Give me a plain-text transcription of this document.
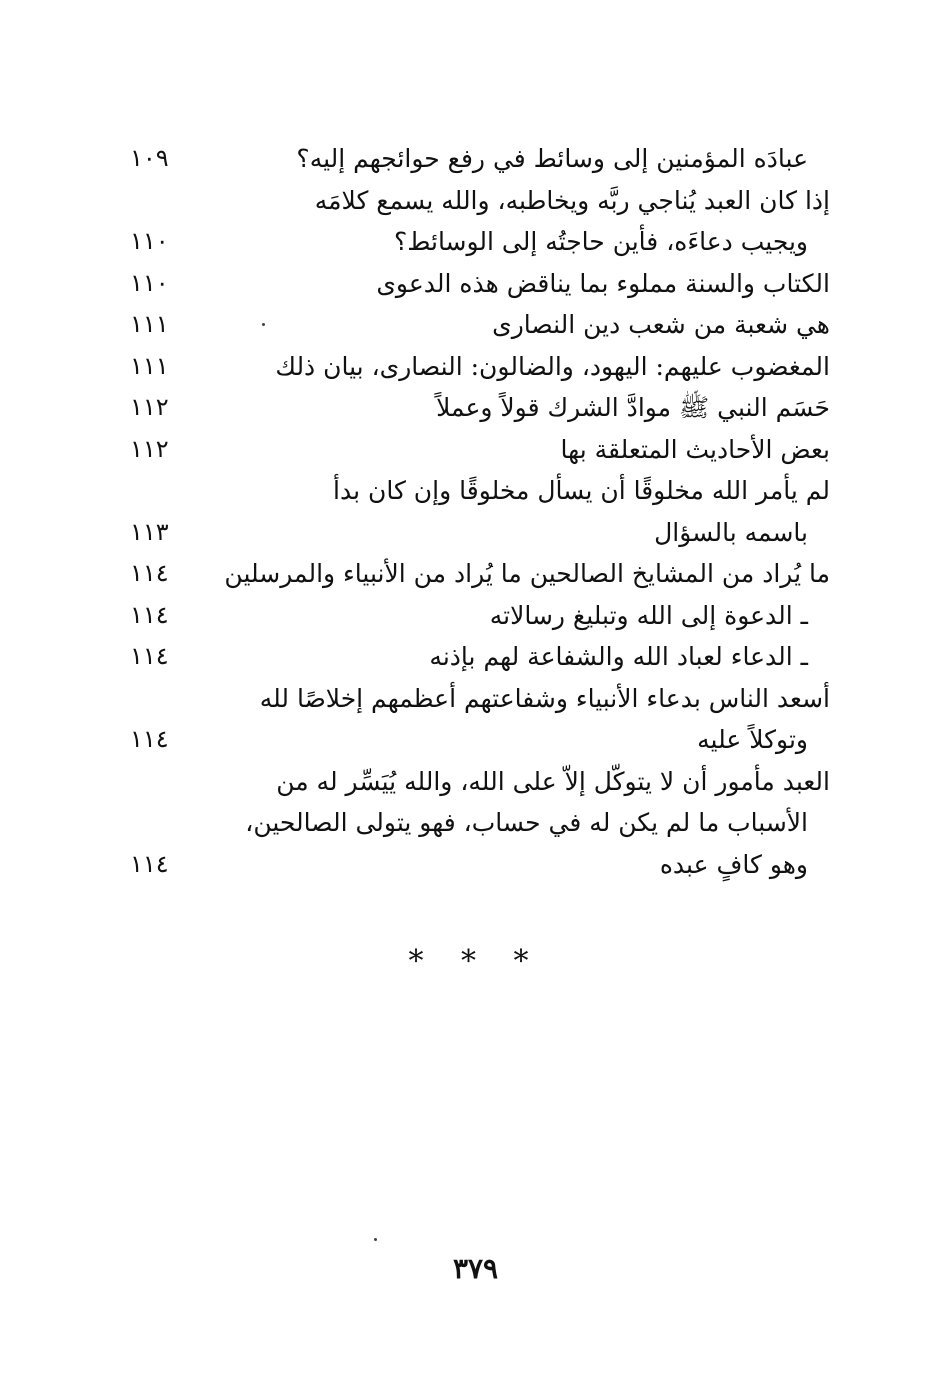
عبادَه المؤمنين إلى وسائط في رفع حوائجهم إليه؟
١٠٩
إذا كان العبد يُناجي ربَّه ويخاطبه، والله يسمع كلامَه
ويجيب دعاءَه، فأين حاجتُه إلى الوسائط؟
١١٠
الكتاب والسنة مملوء بما يناقض هذه الدعوى
١١٠
هي شعبة من شعب دين النصارى
١١١
المغضوب عليهم: اليهود، والضالون: النصارى، بيان ذلك
١١١
حَسَم النبي ﷺ موادَّ الشرك قولاً وعملاً
١١٢
بعض الأحاديث المتعلقة بها
١١٢
لم يأمر الله مخلوقًا أن يسأل مخلوقًا وإن كان بدأ
باسمه بالسؤال
١١٣
ما يُراد من المشايخ الصالحين ما يُراد من الأنبياء والمرسلين
١١٤
ـ الدعوة إلى الله وتبليغ رسالاته
١١٤
ـ الدعاء لعباد الله والشفاعة لهم بإذنه
١١٤
أسعد الناس بدعاء الأنبياء وشفاعتهم أعظمهم إخلاصًا لله
وتوكلاً عليه
١١٤
العبد مأمور أن لا يتوكّل إلاّ على الله، والله يُيَسِّر له من
الأسباب ما لم يكن له في حساب، فهو يتولى الصالحين،
وهو كافٍ عبده
١١٤
* * *
٣٧٩
